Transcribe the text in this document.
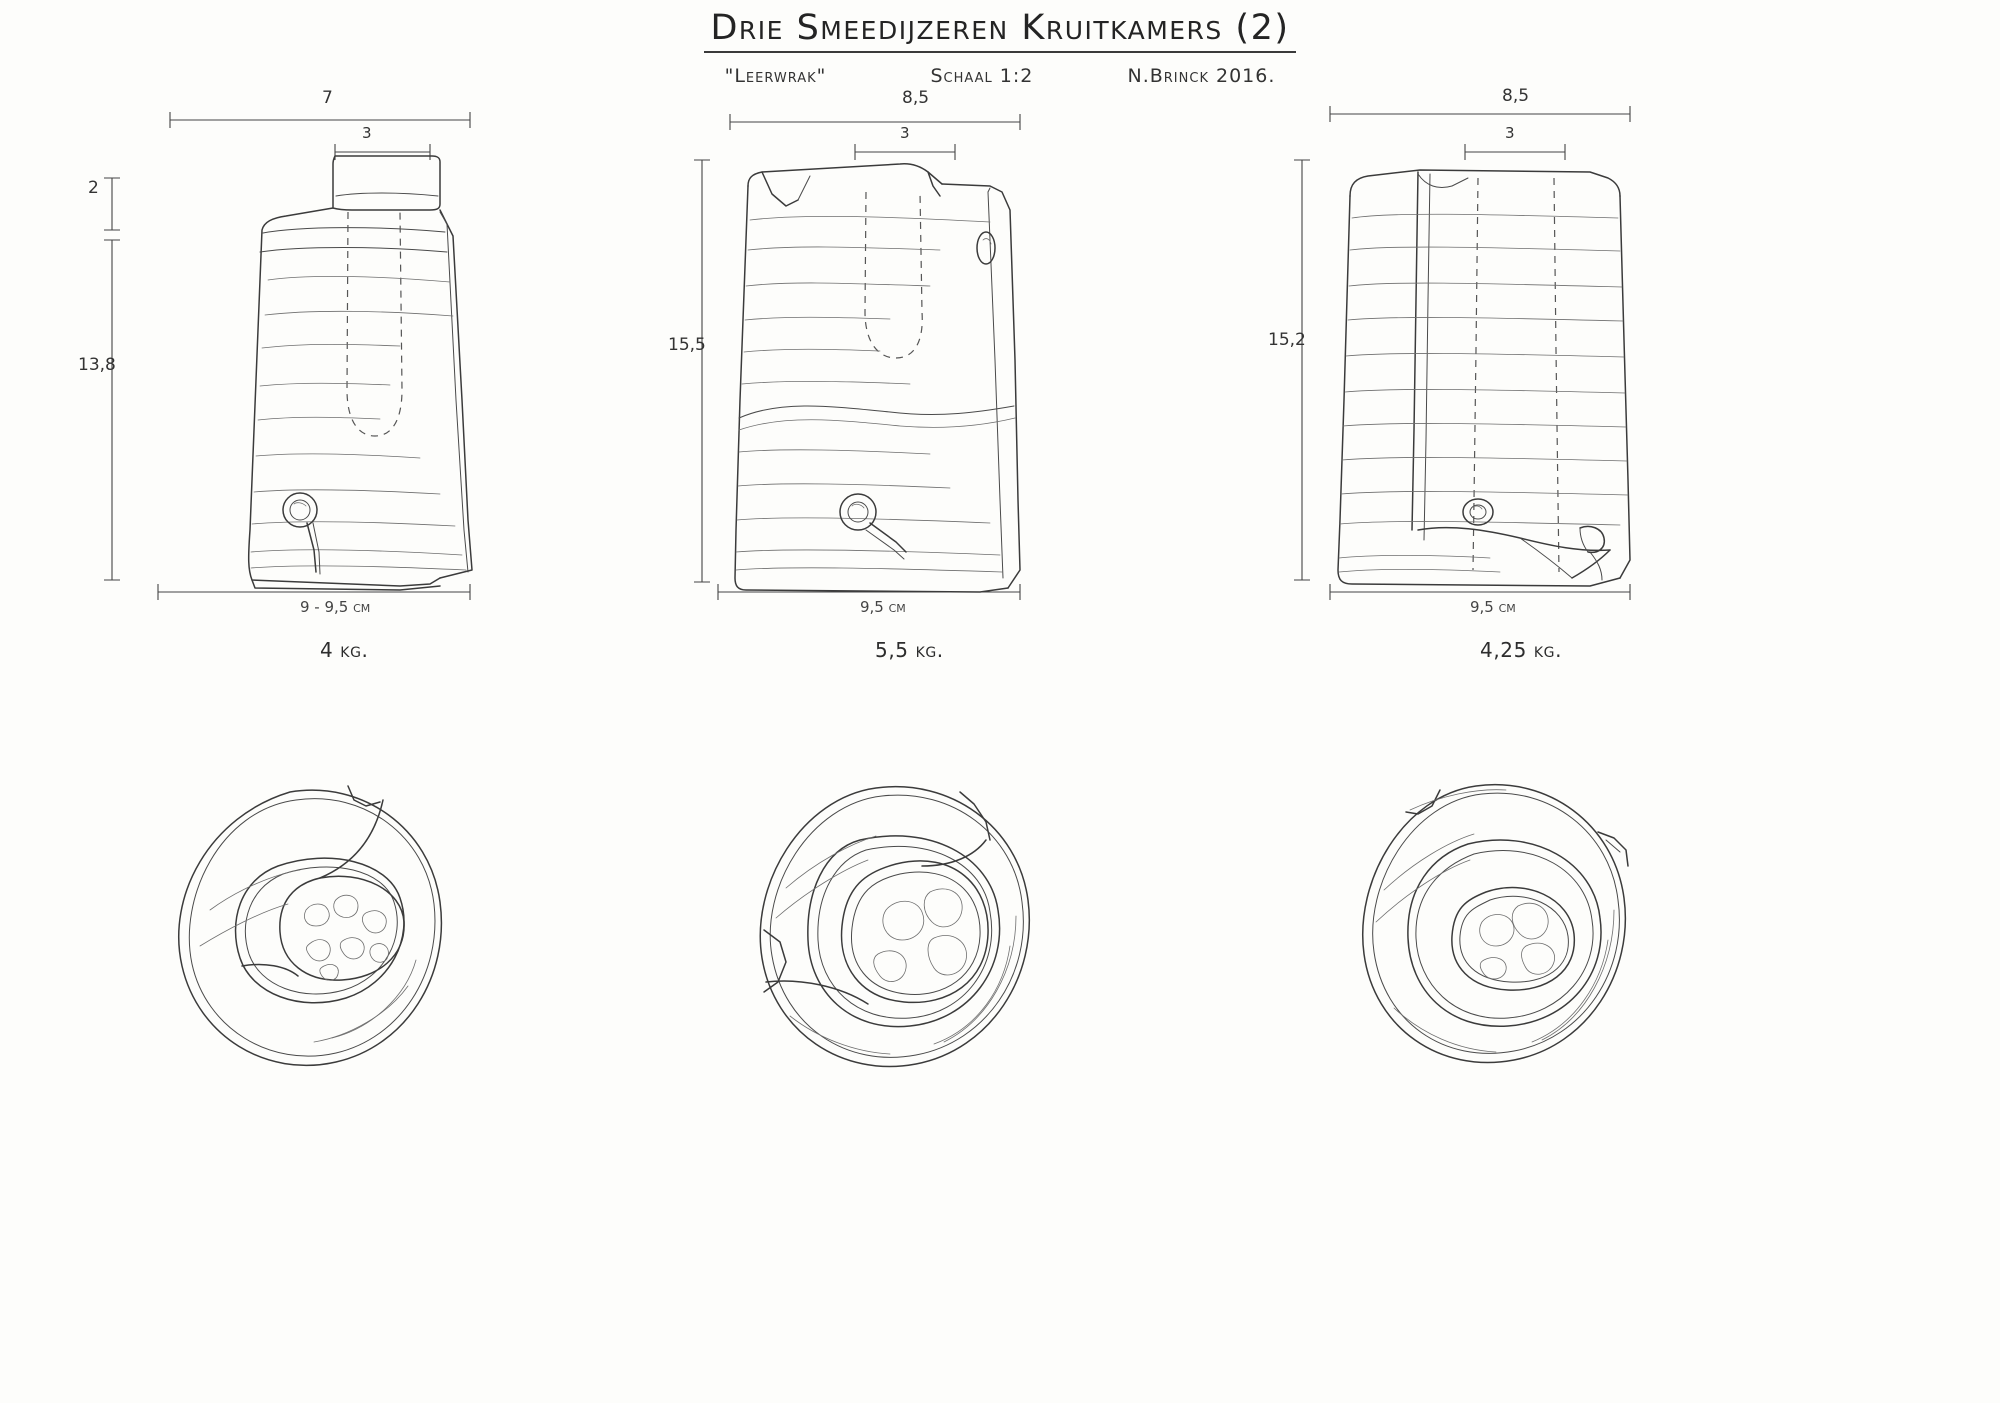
Drie Smeedijzeren Kruitkamers (2)
"Leerwrak"	Schaal 1:2	N.Brinck 2016.
7
3
2
13,8
9 - 9,5 cm
4 kg.
8,5
3
15,5
9,5 cm
5,5 kg.
8,5
3
15,2
9,5 cm
4,25 kg.
